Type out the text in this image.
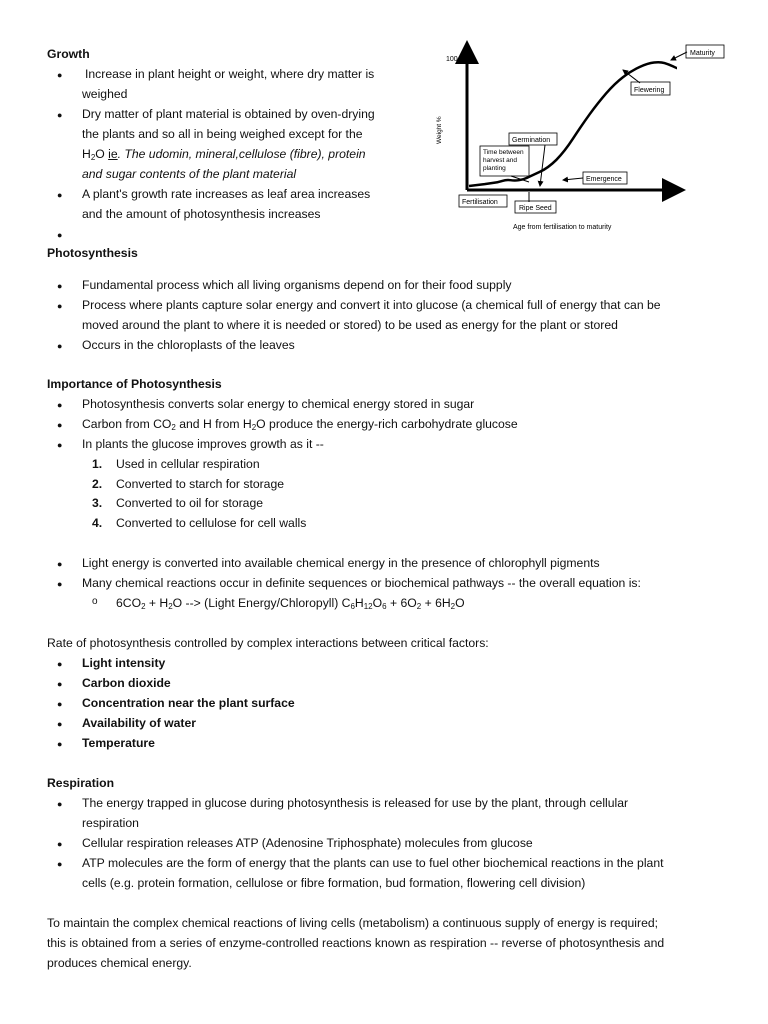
Growth
● Increase in plant height or weight, where dry matter is
weighed
● Dry matter of plant material is obtained by oven-drying
the plants and so all in being weighed except for the
$H_2O$ ie. The udomin, mineral,cellulose (fibre), protein
and sugar contents of the plant material
● A plant's growth rate increases as leaf area increases
and the amount of photosynthesis increases
●
100
Weight %
Age from fertilisation to maturity
Maturity
Flewering
Germination
Time between
harvest and
planting
Emergence
Fertilisation
Ripe Seed
Photosynthesis
● Fundamental process which all living organisms depend on for their food supply
● Process where plants capture solar energy and convert it into glucose (a chemical full of energy that can be
moved around the plant to where it is needed or stored) to be used as energy for the plant or stored
● Occurs in the chloroplasts of the leaves
Importance of Photosynthesis
● Photosynthesis converts solar energy to chemical energy stored in sugar
● Carbon from $CO_2$ and H from $H_2O$ produce the energy-rich carbohydrate glucose
● In plants the glucose improves growth as it --
1. Used in cellular respiration
2. Converted to starch for storage
3. Converted to oil for storage
4. Converted to cellulose for cell walls
● Light energy is converted into available chemical energy in the presence of chlorophyll pigments
● Many chemical reactions occur in definite sequences or biochemical pathways -- the overall equation is:
o $6CO_2 + H_2O$ --> (Light Energy/Chloropyll) $C_6H_{12}O_6 + 6O_2 + 6H_2O$
Rate of photosynthesis controlled by complex interactions between critical factors:
● Light intensity
● Carbon dioxide
● Concentration near the plant surface
● Availability of water
● Temperature
Respiration
● The energy trapped in glucose during photosynthesis is released for use by the plant, through cellular
respiration
● Cellular respiration releases ATP (Adenosine Triphosphate) molecules from glucose
● ATP molecules are the form of energy that the plants can use to fuel other biochemical reactions in the plant
cells (e.g. protein formation, cellulose or fibre formation, bud formation, flowering cell division)
To maintain the complex chemical reactions of living cells (metabolism) a continuous supply of energy is required;
this is obtained from a series of enzyme-controlled reactions known as respiration -- reverse of photosynthesis and
produces chemical energy.
